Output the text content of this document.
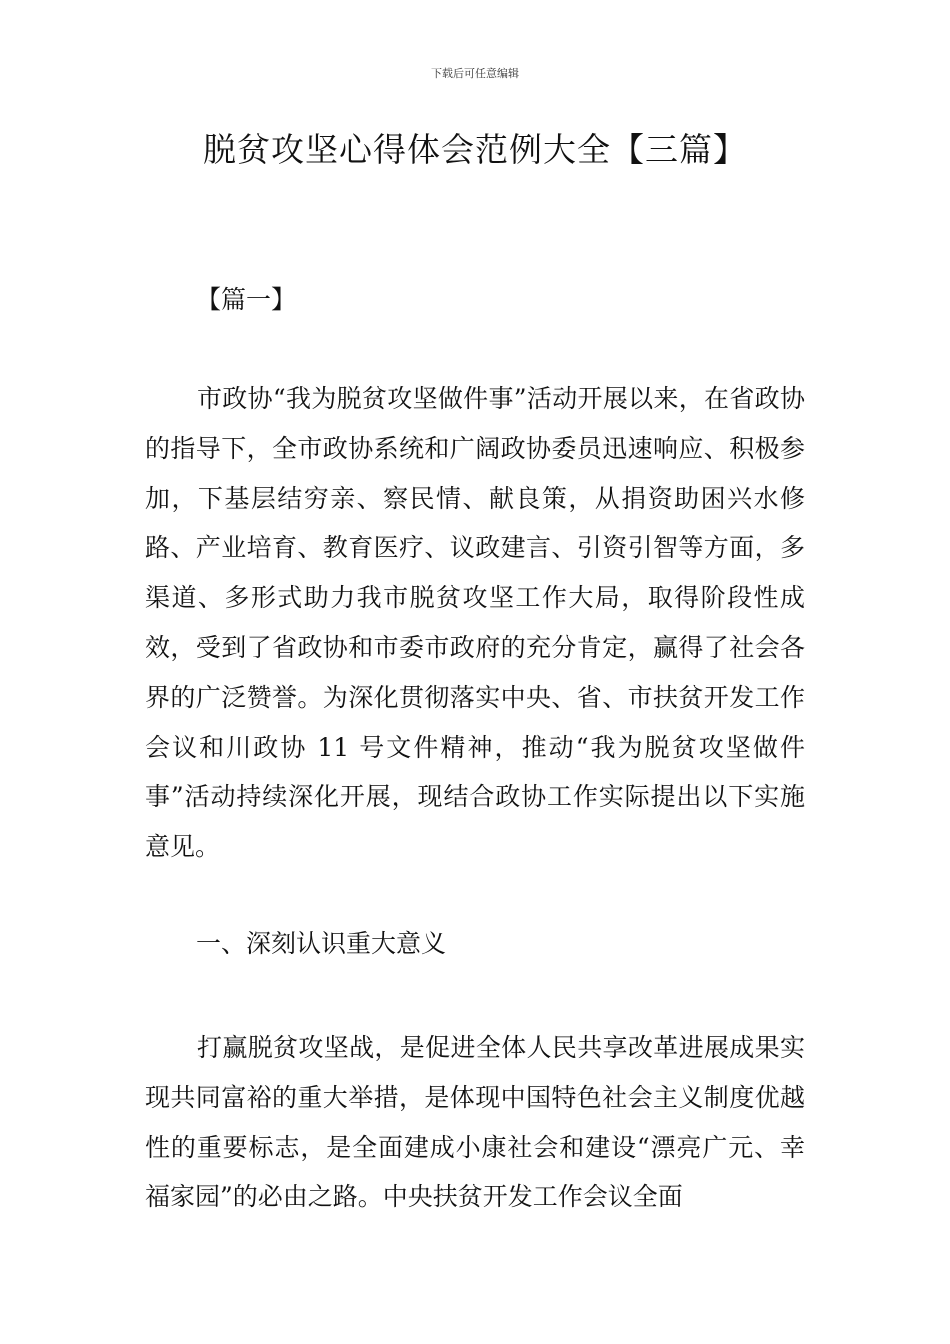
下载后可任意编辑
脱贫攻坚心得体会范例大全【三篇】

【篇一】

市政协“我为脱贫攻坚做件事”活动开展以来，在省政协的指导下，全市政协系统和广阔政协委员迅速响应、积极参加，下基层结穷亲、察民情、献良策，从捐资助困兴水修路、产业培育、教育医疗、议政建言、引资引智等方面，多渠道、多形式助力我市脱贫攻坚工作大局，取得阶段性成效，受到了省政协和市委市政府的充分肯定，赢得了社会各界的广泛赞誉。为深化贯彻落实中央、省、市扶贫开发工作会议和川政协 11 号文件精神，推动“我为脱贫攻坚做件事”活动持续深化开展，现结合政协工作实际提出以下实施意见。

一、深刻认识重大意义

打赢脱贫攻坚战，是促进全体人民共享改革进展成果实现共同富裕的重大举措，是体现中国特色社会主义制度优越性的重要标志，是全面建成小康社会和建设“漂亮广元、幸福家园”的必由之路。中央扶贫开发工作会议全面
